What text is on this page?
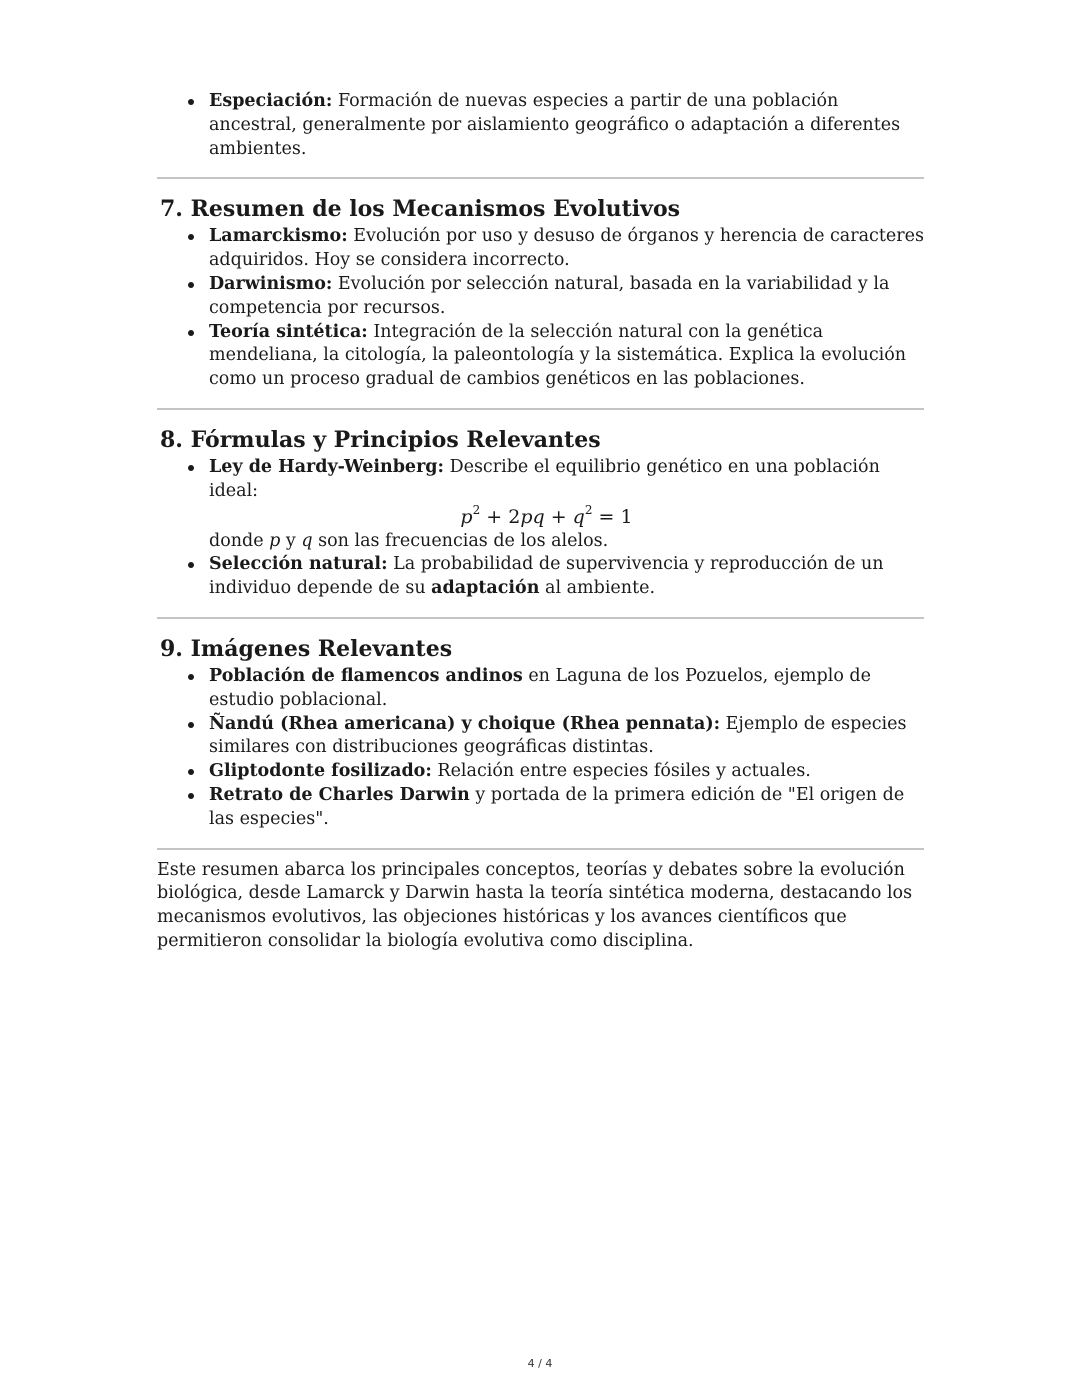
Especiación: Formación de nuevas especies a partir de una población ancestral, generalmente por aislamiento geográfico o adaptación a diferentes ambientes.
7. Resumen de los Mecanismos Evolutivos
Lamarckismo: Evolución por uso y desuso de órganos y herencia de caracteres adquiridos. Hoy se considera incorrecto.
Darwinismo: Evolución por selección natural, basada en la variabilidad y la competencia por recursos.
Teoría sintética: Integración de la selección natural con la genética mendeliana, la citología, la paleontología y la sistemática. Explica la evolución como un proceso gradual de cambios genéticos en las poblaciones.
8. Fórmulas y Principios Relevantes
Ley de Hardy-Weinberg: Describe el equilibrio genético en una población ideal:
$p^2 + 2pq + q^2 = 1$
donde p y q son las frecuencias de los alelos.
Selección natural: La probabilidad de supervivencia y reproducción de un individuo depende de su adaptación al ambiente.
9. Imágenes Relevantes
Población de flamencos andinos en Laguna de los Pozuelos, ejemplo de estudio poblacional.
Ñandú (Rhea americana) y choique (Rhea pennata): Ejemplo de especies similares con distribuciones geográficas distintas.
Gliptodonte fosilizado: Relación entre especies fósiles y actuales.
Retrato de Charles Darwin y portada de la primera edición de "El origen de las especies".

Este resumen abarca los principales conceptos, teorías y debates sobre la evolución biológica, desde Lamarck y Darwin hasta la teoría sintética moderna, destacando los mecanismos evolutivos, las objeciones históricas y los avances científicos que permitieron consolidar la biología evolutiva como disciplina.

4 / 4
